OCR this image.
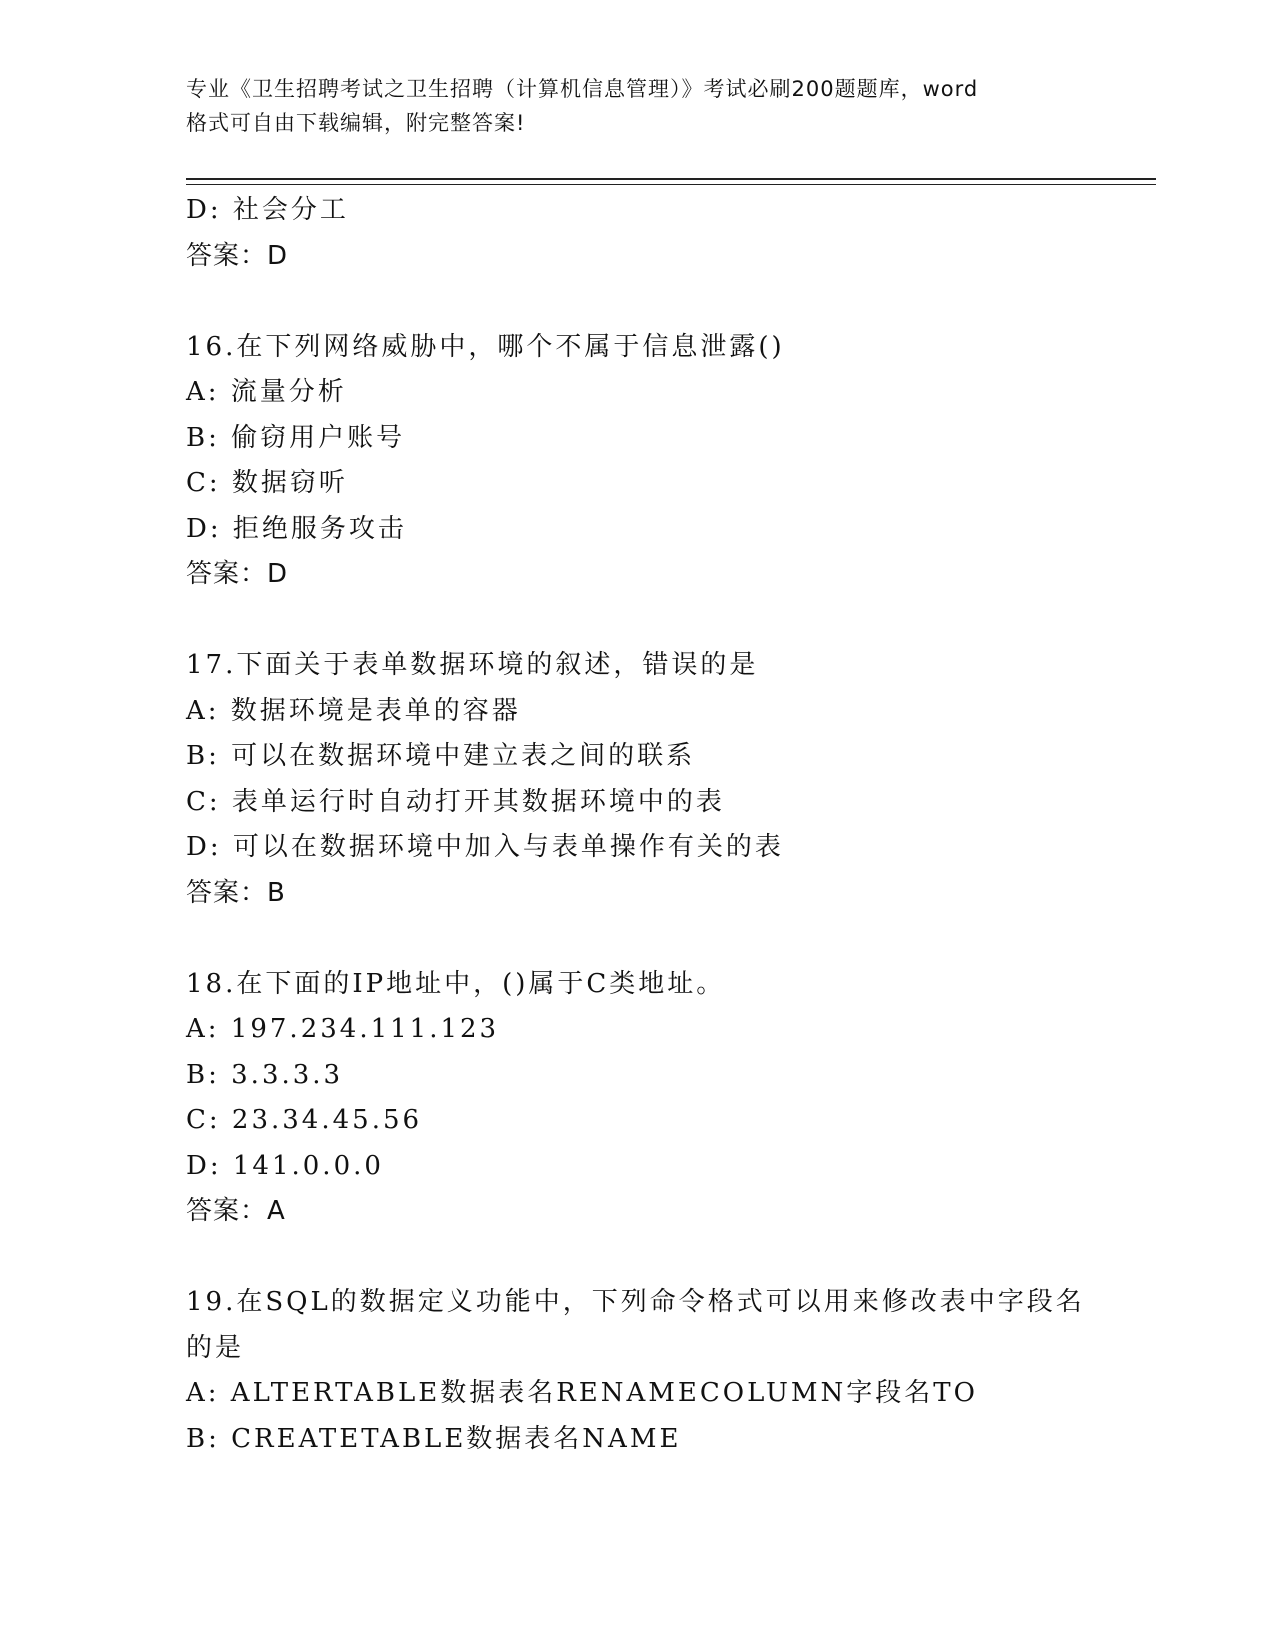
专业《卫生招聘考试之卫生招聘（计算机信息管理）》考试必刷200题题库，word
格式可自由下载编辑，附完整答案!
D: 社会分工
答案：D
16.在下列网络威胁中，哪个不属于信息泄露()
A: 流量分析
B: 偷窃用户账号
C: 数据窃听
D: 拒绝服务攻击
答案：D
17.下面关于表单数据环境的叙述，错误的是
A: 数据环境是表单的容器
B: 可以在数据环境中建立表之间的联系
C: 表单运行时自动打开其数据环境中的表
D: 可以在数据环境中加入与表单操作有关的表
答案：B
18.在下面的IP地址中，()属于C类地址。
A: 197.234.111.123
B: 3.3.3.3
C: 23.34.45.56
D: 141.0.0.0
答案：A
19.在SQL的数据定义功能中，下列命令格式可以用来修改表中字段名
的是
A: ALTERTABLE数据表名RENAMECOLUMN字段名TO
B: CREATETABLE数据表名NAME
